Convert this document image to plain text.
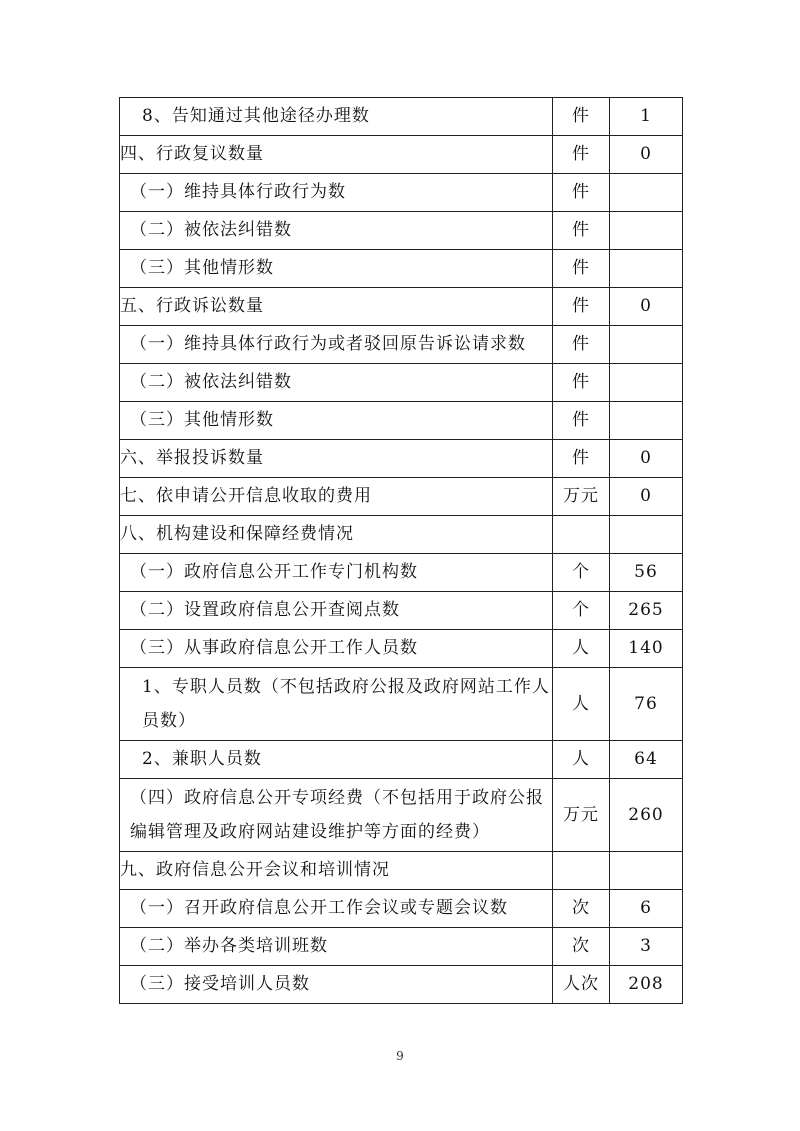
8、告知通过其他途径办理数	件	1
四、行政复议数量	件	0
（一）维持具体行政行为数	件	
（二）被依法纠错数	件	
（三）其他情形数	件	
五、行政诉讼数量	件	0
（一）维持具体行政行为或者驳回原告诉讼请求数	件	
（二）被依法纠错数	件	
（三）其他情形数	件	
六、举报投诉数量	件	0
七、依申请公开信息收取的费用	万元	0
八、机构建设和保障经费情况		
（一）政府信息公开工作专门机构数	个	56
（二）设置政府信息公开查阅点数	个	265
（三）从事政府信息公开工作人员数	人	140
1、专职人员数（不包括政府公报及政府网站工作人员数）	人	76
2、兼职人员数	人	64
（四）政府信息公开专项经费（不包括用于政府公报编辑管理及政府网站建设维护等方面的经费）	万元	260
九、政府信息公开会议和培训情况		
（一）召开政府信息公开工作会议或专题会议数	次	6
（二）举办各类培训班数	次	3
（三）接受培训人员数	人次	208
9
